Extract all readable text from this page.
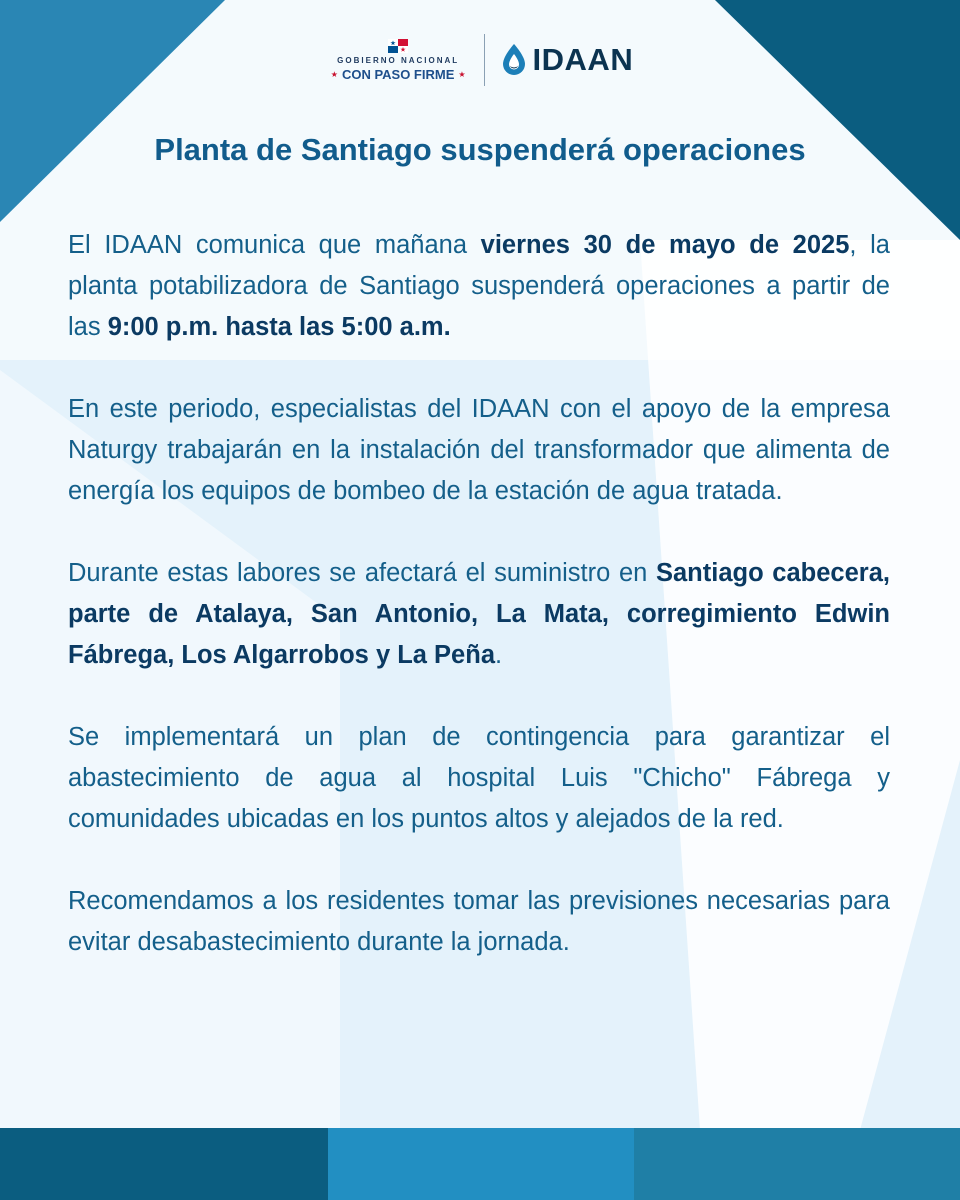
GOBIERNO NACIONAL
★ CON PASO FIRME ★ IDAAN
Planta de Santiago suspenderá operaciones

El IDAAN comunica que mañana viernes 30 de mayo de 2025, la planta potabilizadora de Santiago suspenderá operaciones a partir de las 9:00 p.m. hasta las 5:00 a.m.

En este periodo, especialistas del IDAAN con el apoyo de la empresa Naturgy trabajarán en la instalación del transformador que alimenta de energía los equipos de bombeo de la estación de agua tratada.

Durante estas labores se afectará el suministro en Santiago cabecera, parte de Atalaya, San Antonio, La Mata, corregimiento Edwin Fábrega, Los Algarrobos y La Peña.

Se implementará un plan de contingencia para garantizar el abastecimiento de agua al hospital Luis "Chicho" Fábrega y comunidades ubicadas en los puntos altos y alejados de la red.

Recomendamos a los residentes tomar las previsiones necesarias para evitar desabastecimiento durante la jornada.
